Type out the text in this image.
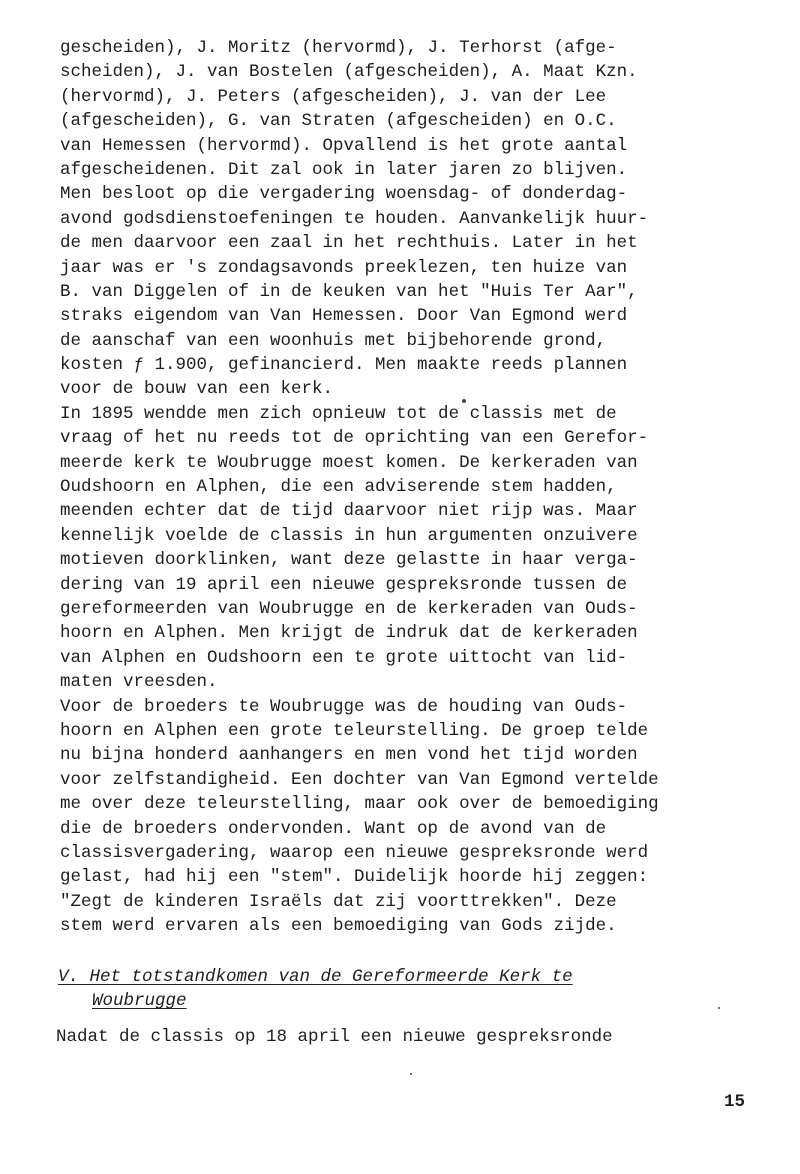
gescheiden), J. Moritz (hervormd), J. Terhorst (afge-
scheiden), J. van Bostelen (afgescheiden), A. Maat Kzn.
(hervormd), J. Peters (afgescheiden), J. van der Lee
(afgescheiden), G. van Straten (afgescheiden) en O.C.
van Hemessen (hervormd). Opvallend is het grote aantal
afgescheidenen. Dit zal ook in later jaren zo blijven.
Men besloot op die vergadering woensdag- of donderdag-
avond godsdienstoefeningen te houden. Aanvankelijk huur-
de men daarvoor een zaal in het rechthuis. Later in het
jaar was er 's zondagsavonds preeklezen, ten huize van
B. van Diggelen of in de keuken van het "Huis Ter Aar",
straks eigendom van Van Hemessen. Door Van Egmond werd
de aanschaf van een woonhuis met bijbehorende grond,
kosten ƒ 1.900, gefinancierd. Men maakte reeds plannen
voor de bouw van een kerk.
In 1895 wendde men zich opnieuw tot de classis met de
vraag of het nu reeds tot de oprichting van een Gerefor-
meerde kerk te Woubrugge moest komen. De kerkeraden van
Oudshoorn en Alphen, die een adviserende stem hadden,
meenden echter dat de tijd daarvoor niet rijp was. Maar
kennelijk voelde de classis in hun argumenten onzuivere
motieven doorklinken, want deze gelastte in haar verga-
dering van 19 april een nieuwe gespreksronde tussen de
gereformeerden van Woubrugge en de kerkeraden van Ouds-
hoorn en Alphen. Men krijgt de indruk dat de kerkeraden
van Alphen en Oudshoorn een te grote uittocht van lid-
maten vreesden.
Voor de broeders te Woubrugge was de houding van Ouds-
hoorn en Alphen een grote teleurstelling. De groep telde
nu bijna honderd aanhangers en men vond het tijd worden
voor zelfstandigheid. Een dochter van Van Egmond vertelde
me over deze teleurstelling, maar ook over de bemoediging
die de broeders ondervonden. Want op de avond van de
classisvergadering, waarop een nieuwe gespreksronde werd
gelast, had hij een "stem". Duidelijk hoorde hij zeggen:
"Zegt de kinderen Israëls dat zij voorttrekken". Deze
stem werd ervaren als een bemoediging van Gods zijde.
V. Het totstandkomen van de Gereformeerde Kerk te
Woubrugge
Nadat de classis op 18 april een nieuwe gespreksronde
15
